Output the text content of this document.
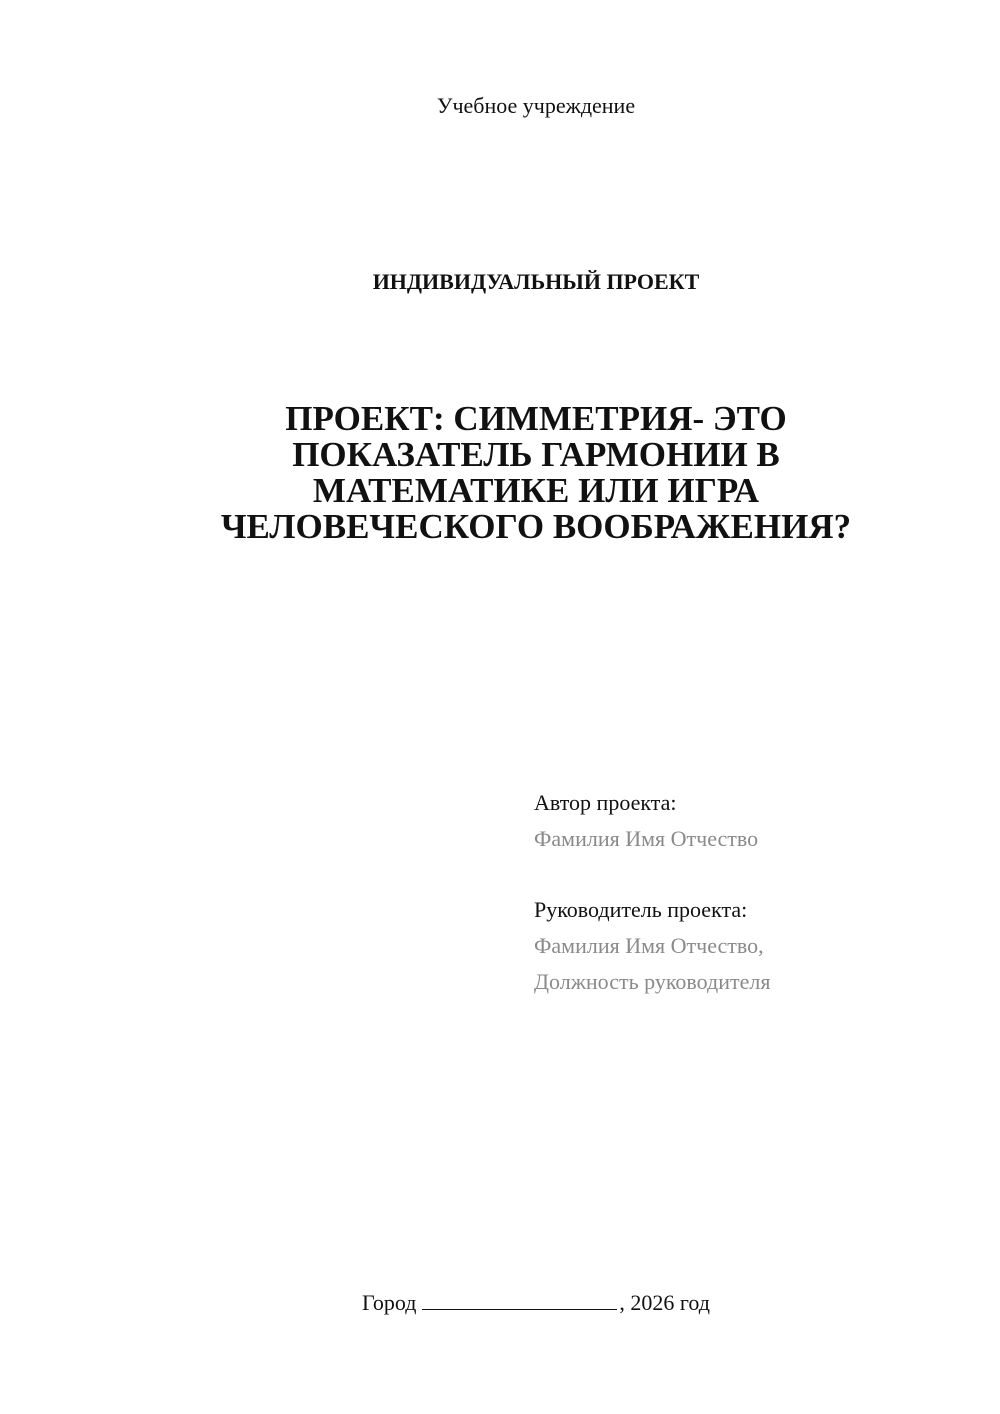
Учебное учреждение
ИНДИВИДУАЛЬНЫЙ ПРОЕКТ
ПРОЕКТ: СИММЕТРИЯ- ЭТО
ПОКАЗАТЕЛЬ ГАРМОНИИ В
МАТЕМАТИКЕ ИЛИ ИГРА
ЧЕЛОВЕЧЕСКОГО ВООБРАЖЕНИЯ?
Автор проекта:
Фамилия Имя Отчество
Руководитель проекта:
Фамилия Имя Отчество,
Должность руководителя
Город	, 2026 год
